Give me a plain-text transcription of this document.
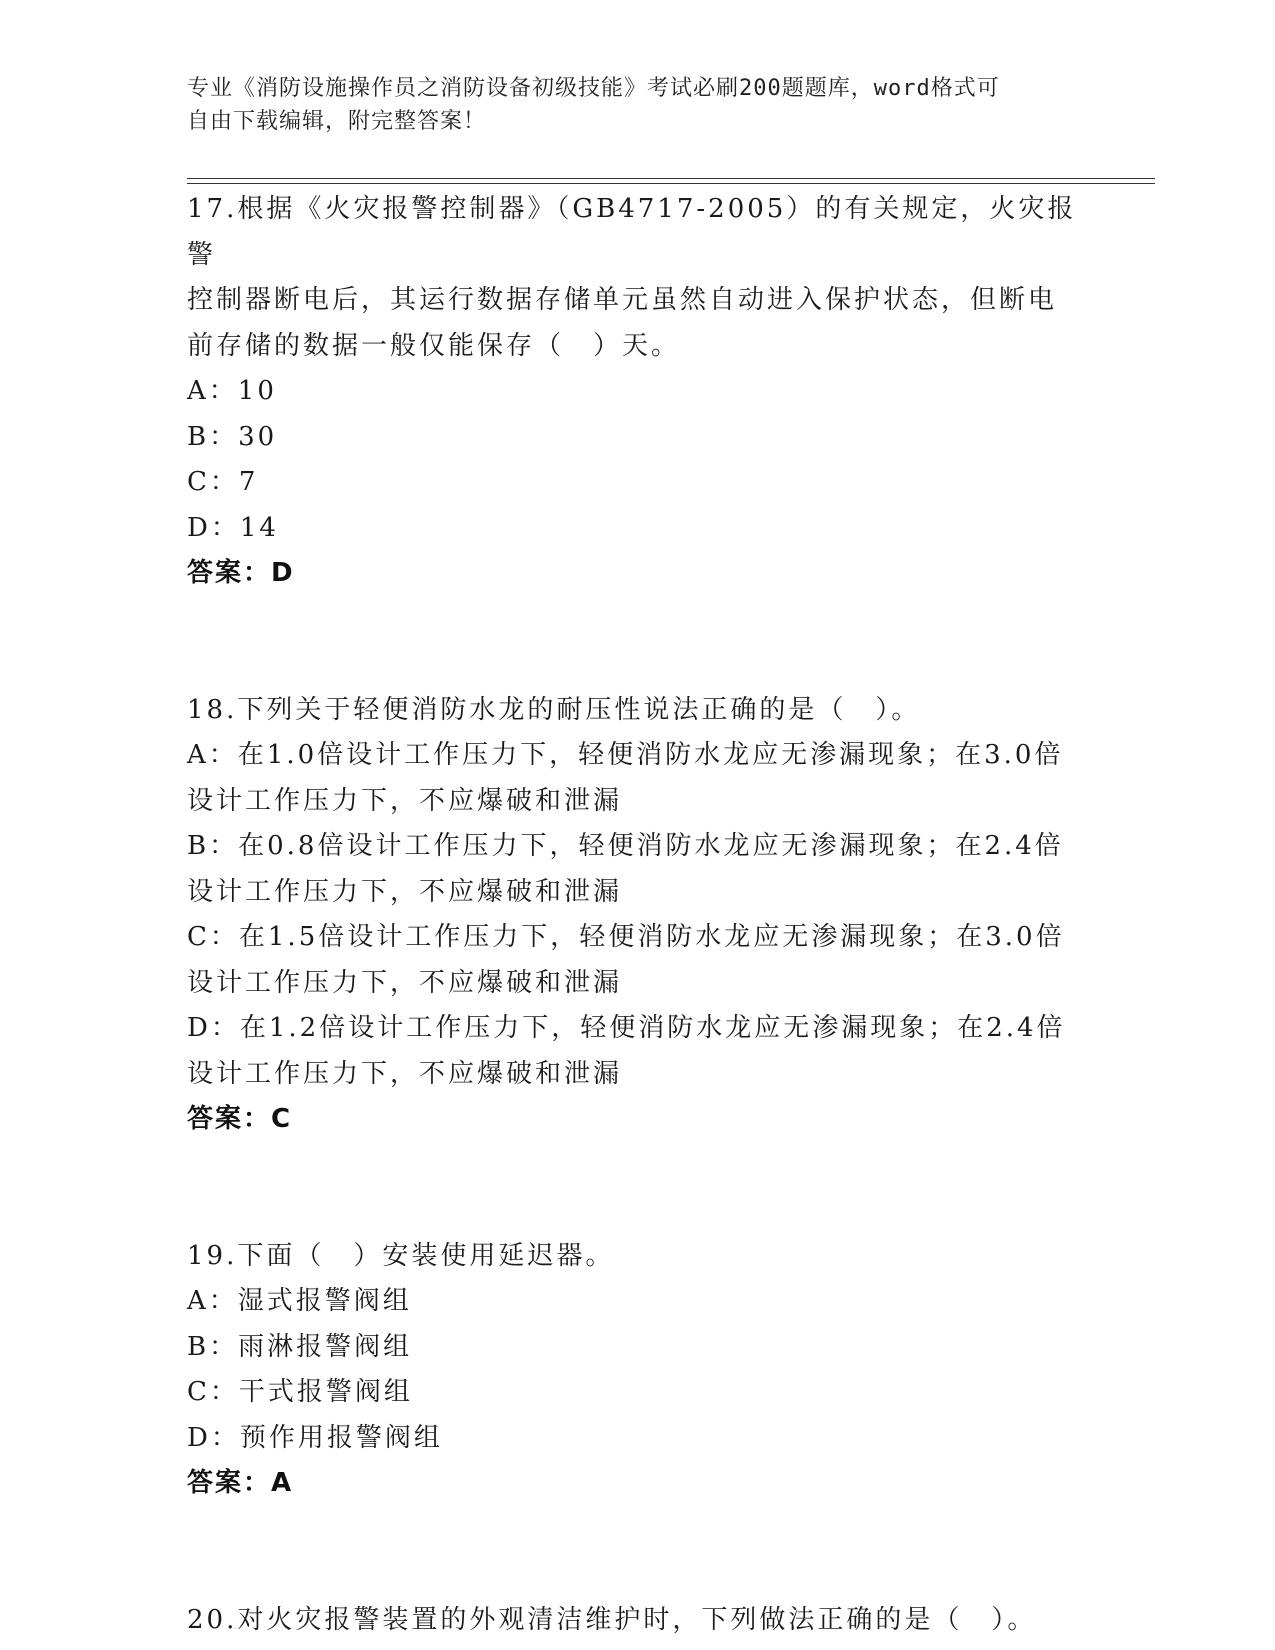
专业《消防设施操作员之消防设备初级技能》考试必刷200题题库，word格式可
自由下载编辑，附完整答案！
17.根据《火灾报警控制器》（GB4717-2005）的有关规定，火灾报警
控制器断电后，其运行数据存储单元虽然自动进入保护状态，但断电
前存储的数据一般仅能保存（　）天。
A：10
B：30
C：7
D：14
答案：D
18.下列关于轻便消防水龙的耐压性说法正确的是（　）。
A：在1.0倍设计工作压力下，轻便消防水龙应无渗漏现象；在3.0倍
设计工作压力下，不应爆破和泄漏
B：在0.8倍设计工作压力下，轻便消防水龙应无渗漏现象；在2.4倍
设计工作压力下，不应爆破和泄漏
C：在1.5倍设计工作压力下，轻便消防水龙应无渗漏现象；在3.0倍
设计工作压力下，不应爆破和泄漏
D：在1.2倍设计工作压力下，轻便消防水龙应无渗漏现象；在2.4倍
设计工作压力下，不应爆破和泄漏
答案：C
19.下面（　）安装使用延迟器。
A：湿式报警阀组
B：雨淋报警阀组
C：干式报警阀组
D：预作用报警阀组
答案：A
20.对火灾报警装置的外观清洁维护时，下列做法正确的是（　）。
